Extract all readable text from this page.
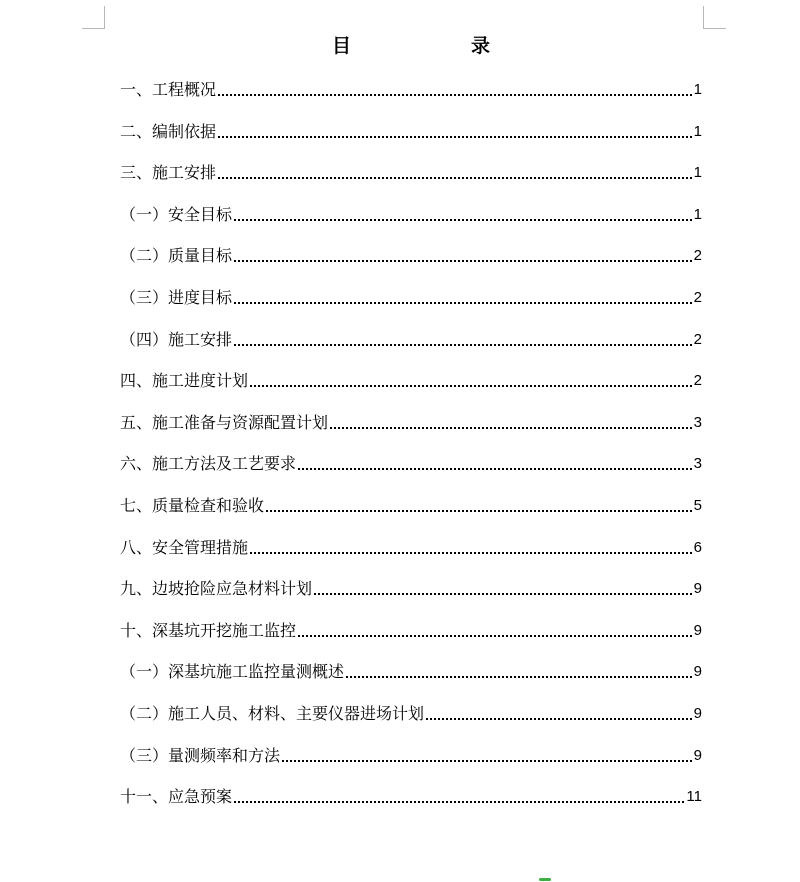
目	录
一、工程概况	1
二、编制依据	1
三、施工安排	1
（一）安全目标	1
（二）质量目标	2
（三）进度目标	2
（四）施工安排	2
四、施工进度计划	2
五、施工准备与资源配置计划	3
六、施工方法及工艺要求	3
七、质量检查和验收	5
八、安全管理措施	6
九、边坡抢险应急材料计划	9
十、深基坑开挖施工监控	9
（一）深基坑施工监控量测概述	9
（二）施工人员、材料、主要仪器进场计划	9
（三）量测频率和方法	9
十一、应急预案	11
